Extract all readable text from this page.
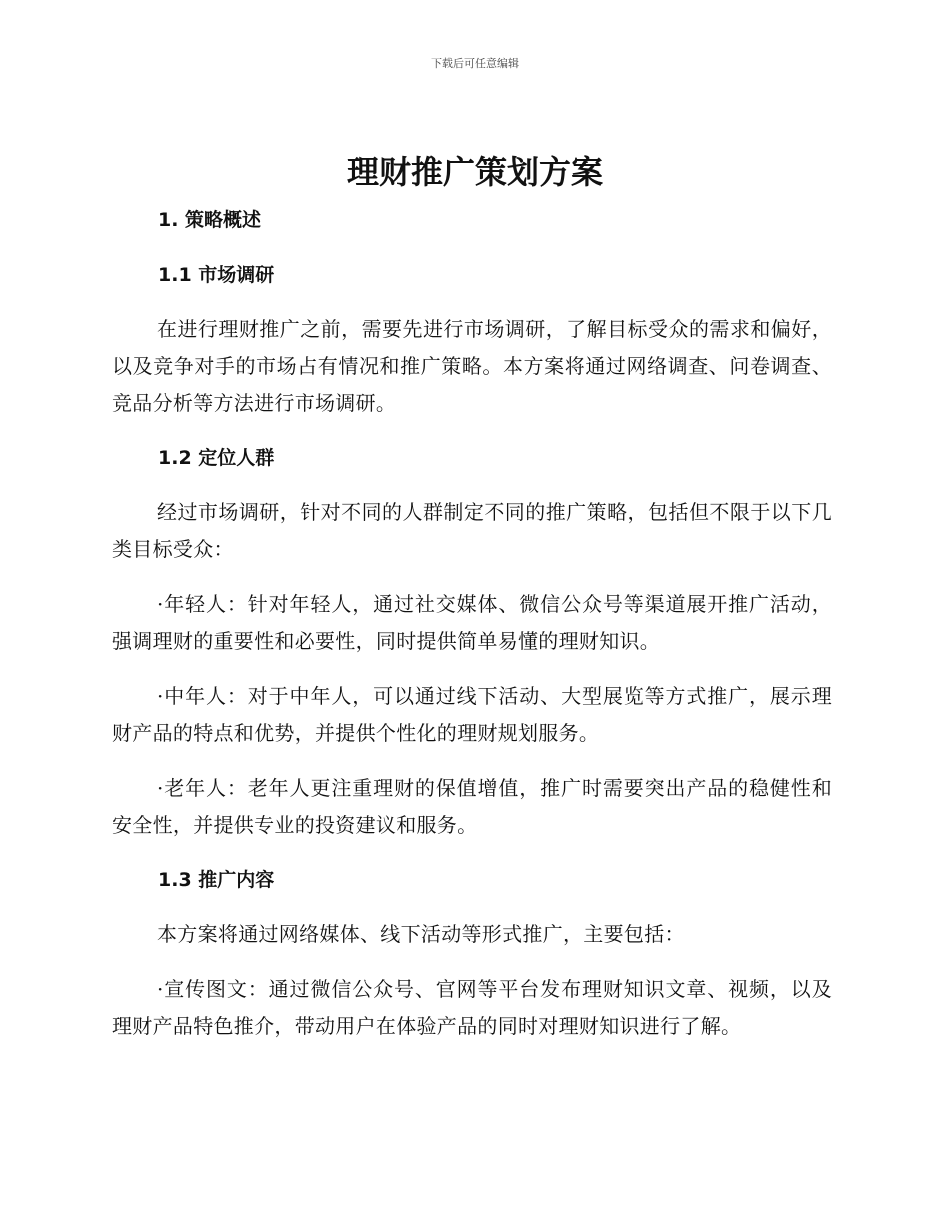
下载后可任意编辑
理财推广策划方案
1. 策略概述
1.1 市场调研

在进行理财推广之前，需要先进行市场调研，了解目标受众的需求和偏好，以及竞争对手的市场占有情况和推广策略。本方案将通过网络调查、问卷调查、竞品分析等方法进行市场调研。

1.2 定位人群

经过市场调研，针对不同的人群制定不同的推广策略，包括但不限于以下几类目标受众：

·年轻人：针对年轻人，通过社交媒体、微信公众号等渠道展开推广活动，强调理财的重要性和必要性，同时提供简单易懂的理财知识。

·中年人：对于中年人，可以通过线下活动、大型展览等方式推广，展示理财产品的特点和优势，并提供个性化的理财规划服务。

·老年人：老年人更注重理财的保值增值，推广时需要突出产品的稳健性和安全性，并提供专业的投资建议和服务。

1.3 推广内容

本方案将通过网络媒体、线下活动等形式推广，主要包括：

·宣传图文：通过微信公众号、官网等平台发布理财知识文章、视频，以及理财产品特色推介，带动用户在体验产品的同时对理财知识进行了解。
